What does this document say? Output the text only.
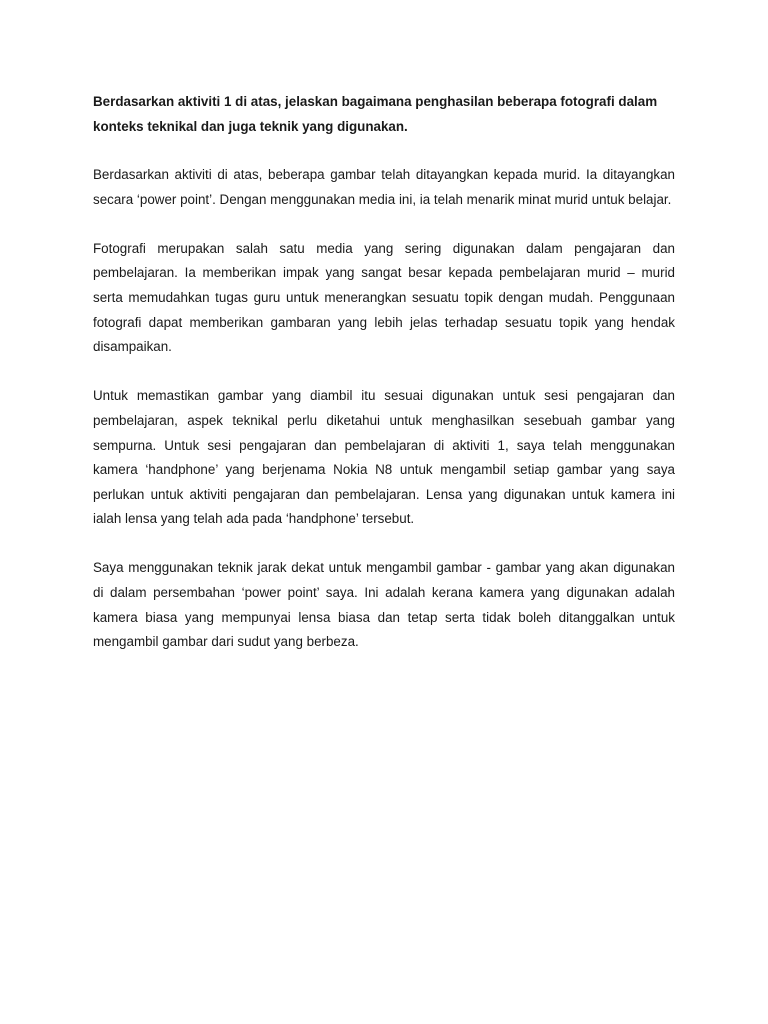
Berdasarkan aktiviti 1 di atas, jelaskan bagaimana penghasilan beberapa fotografi dalam konteks teknikal dan juga teknik yang digunakan.

Berdasarkan aktiviti di atas, beberapa gambar telah ditayangkan kepada murid. Ia ditayangkan secara ‘power point’. Dengan menggunakan media ini, ia telah menarik minat murid untuk belajar.

Fotografi merupakan salah satu media yang sering digunakan dalam pengajaran dan pembelajaran. Ia memberikan impak yang sangat besar kepada pembelajaran murid – murid serta memudahkan tugas guru untuk menerangkan sesuatu topik dengan mudah. Penggunaan fotografi dapat memberikan gambaran yang lebih jelas terhadap sesuatu topik yang hendak disampaikan.

Untuk memastikan gambar yang diambil itu sesuai digunakan untuk sesi pengajaran dan pembelajaran, aspek teknikal perlu diketahui untuk menghasilkan sesebuah gambar yang sempurna. Untuk sesi pengajaran dan pembelajaran di aktiviti 1, saya telah menggunakan kamera ‘handphone’ yang berjenama Nokia N8 untuk mengambil setiap gambar yang saya perlukan untuk aktiviti pengajaran dan pembelajaran. Lensa yang digunakan untuk kamera ini ialah lensa yang telah ada pada ‘handphone’ tersebut.

Saya menggunakan teknik jarak dekat untuk mengambil gambar - gambar yang akan digunakan di dalam persembahan ‘power point’ saya. Ini adalah kerana kamera yang digunakan adalah kamera biasa yang mempunyai lensa biasa dan tetap serta tidak boleh ditanggalkan untuk mengambil gambar dari sudut yang berbeza.
